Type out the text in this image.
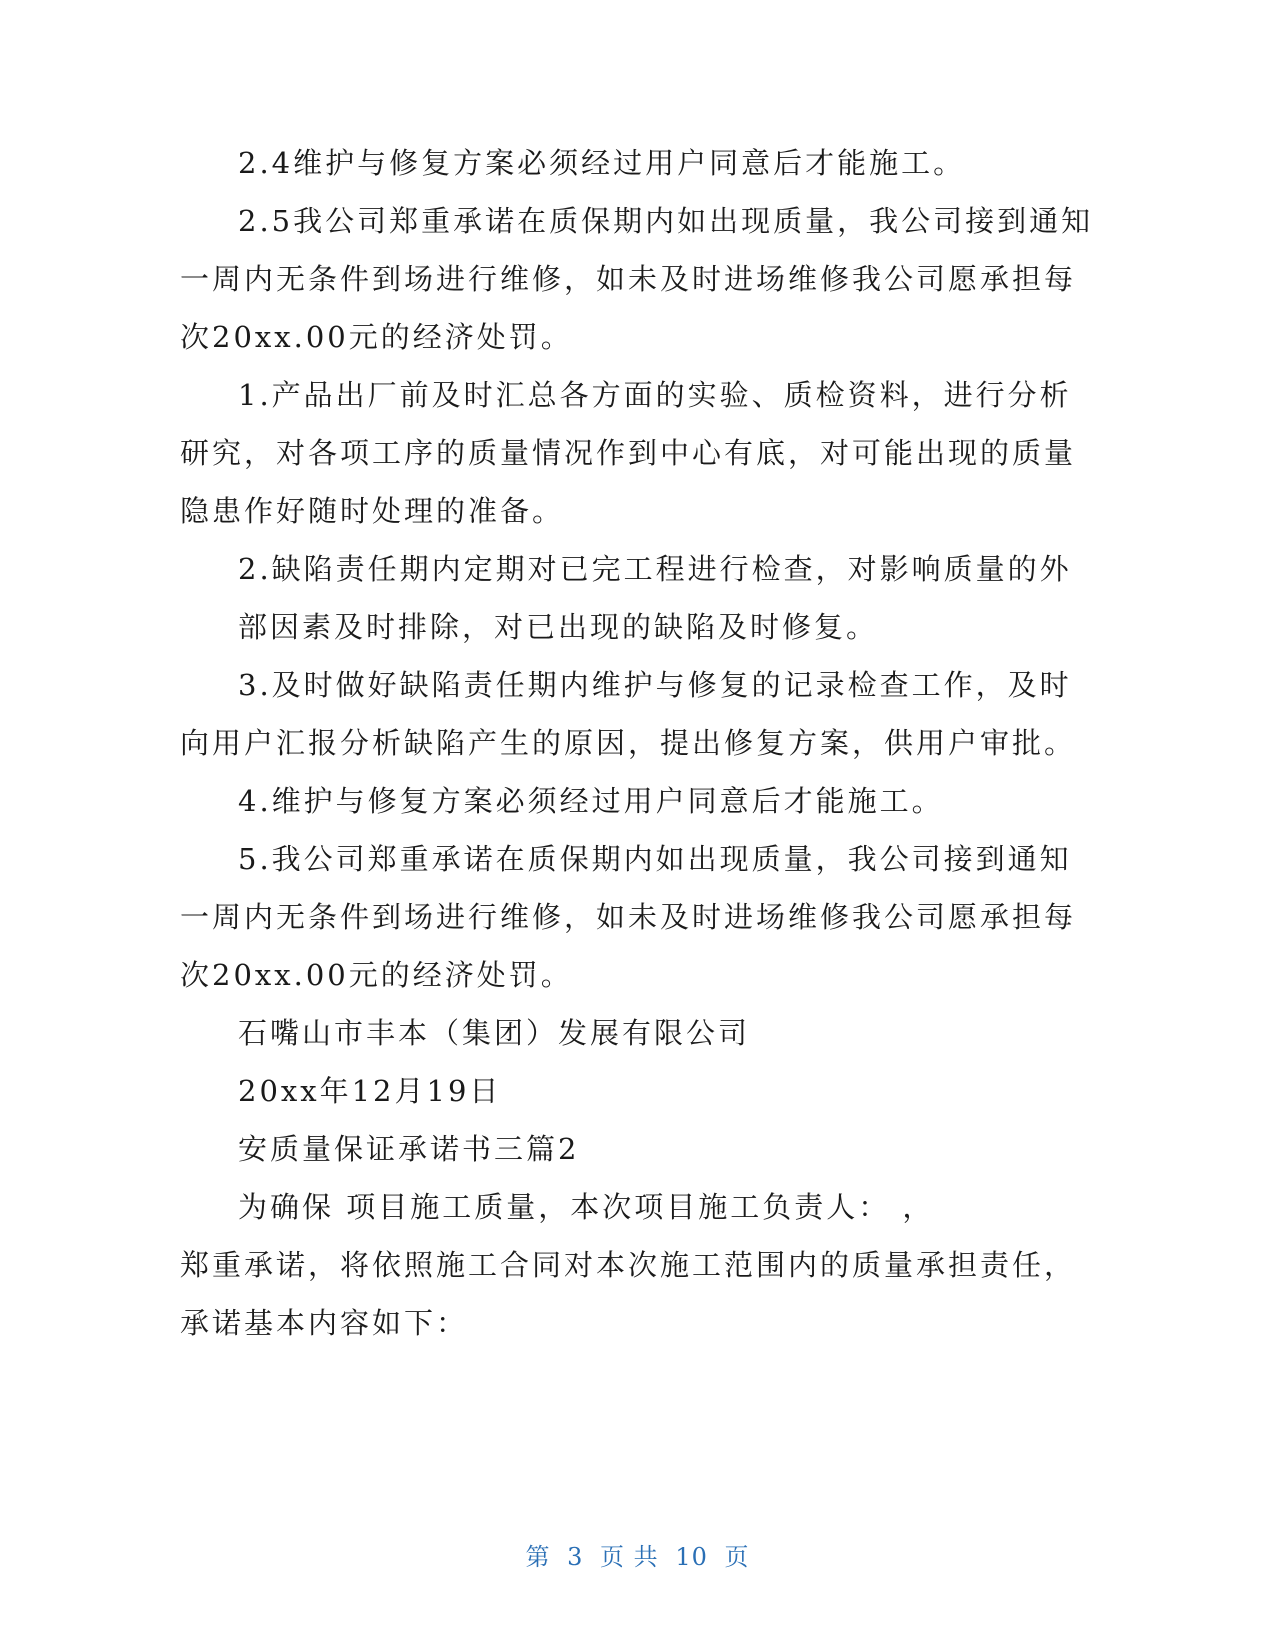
2.4维护与修复方案必须经过用户同意后才能施工。
2.5我公司郑重承诺在质保期内如出现质量，我公司接到通知
一周内无条件到场进行维修，如未及时进场维修我公司愿承担每
次20xx.00元的经济处罚。
1.产品出厂前及时汇总各方面的实验、质检资料，进行分析
研究，对各项工序的质量情况作到中心有底，对可能出现的质量
隐患作好随时处理的准备。
2.缺陷责任期内定期对已完工程进行检查，对影响质量的外
部因素及时排除，对已出现的缺陷及时修复。
3.及时做好缺陷责任期内维护与修复的记录检查工作，及时
向用户汇报分析缺陷产生的原因，提出修复方案，供用户审批。
4.维护与修复方案必须经过用户同意后才能施工。
5.我公司郑重承诺在质保期内如出现质量，我公司接到通知
一周内无条件到场进行维修，如未及时进场维修我公司愿承担每
次20xx.00元的经济处罚。
石嘴山市丰本（集团）发展有限公司
20xx年12月19日
安质量保证承诺书三篇2
为确保 项目施工质量，本次项目施工负责人： ，
郑重承诺，将依照施工合同对本次施工范围内的质量承担责任，
承诺基本内容如下：
第 3 页 共 10 页
